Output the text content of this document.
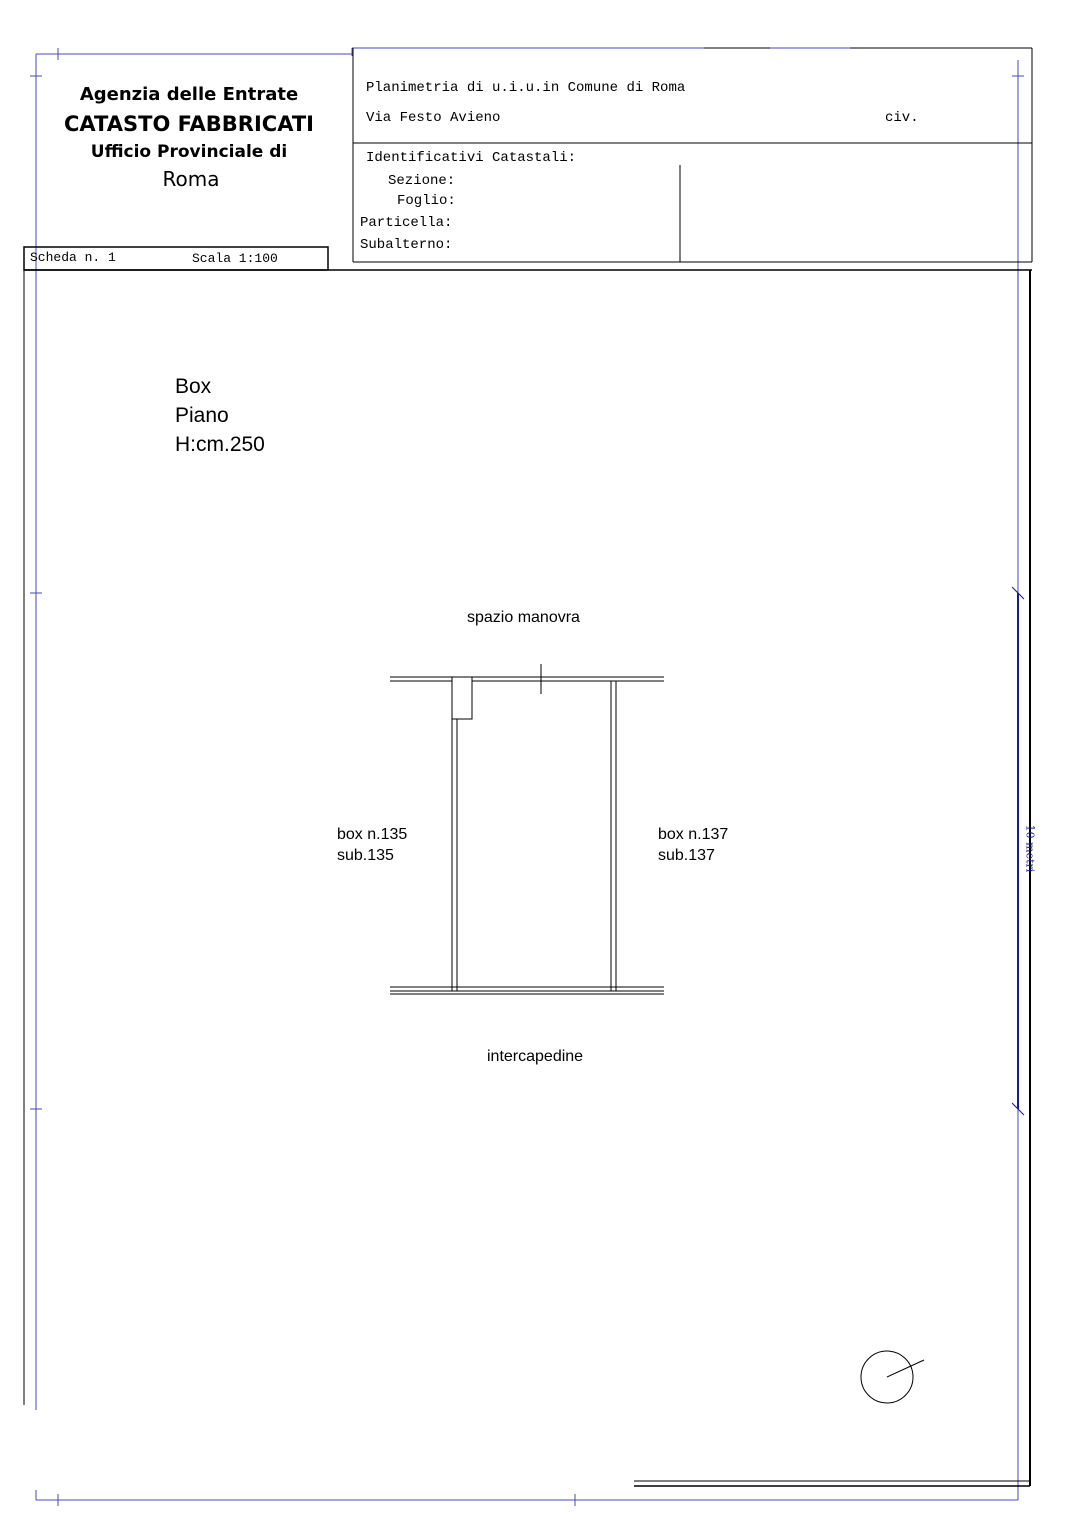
Agenzia delle Entrate
CATASTO FABBRICATI
Ufficio Provinciale di
Roma
Scheda n. 1	Scala 1:100
Planimetria di u.i.u.in Comune di Roma
Via Festo Avieno	civ.
Identificativi Catastali:
Sezione:
Foglio:
Particella:
Subalterno:
Box
Piano
H:cm.250
spazio manovra
box n.135
sub.135
box n.137
sub.137
intercapedine
10 metri
